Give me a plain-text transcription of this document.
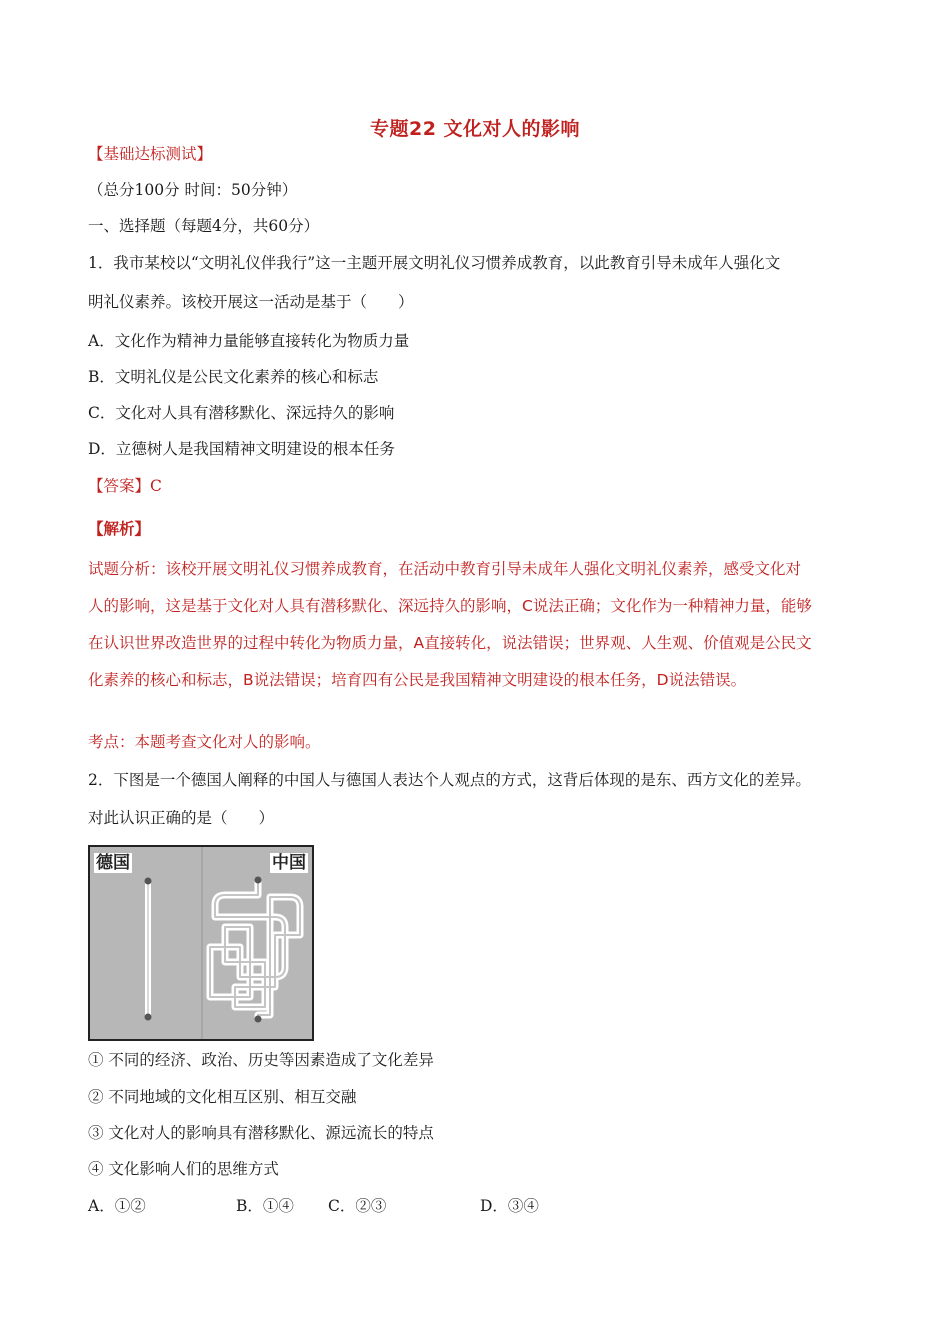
专题22 文化对人的影响
【基础达标测试】
（总分100分 时间：50分钟）
一、选择题（每题4分，共60分）
1．我市某校以“文明礼仪伴我行”这一主题开展文明礼仪习惯养成教育，以此教育引导未成年人强化文
明礼仪素养。该校开展这一活动是基于（　　）
A．文化作为精神力量能够直接转化为物质力量
B．文明礼仪是公民文化素养的核心和标志
C．文化对人具有潜移默化、深远持久的影响
D．立德树人是我国精神文明建设的根本任务
【答案】C
【解析】
试题分析：该校开展文明礼仪习惯养成教育，在活动中教育引导未成年人强化文明礼仪素养，感受文化对
人的影响，这是基于文化对人具有潜移默化、深远持久的影响，C说法正确；文化作为一种精神力量，能够
在认识世界改造世界的过程中转化为物质力量，A直接转化，说法错误；世界观、人生观、价值观是公民文
化素养的核心和标志，B说法错误；培育四有公民是我国精神文明建设的根本任务，D说法错误。
考点：本题考查文化对人的影响。
2．下图是一个德国人阐释的中国人与德国人表达个人观点的方式，这背后体现的是东、西方文化的差异。
对此认识正确的是（　　）
德国	中国
① 不同的经济、政治、历史等因素造成了文化差异
② 不同地域的文化相互区别、相互交融
③ 文化对人的影响具有潜移默化、源远流长的特点
④ 文化影响人们的思维方式
A．①②	B．①④ C．②③	D．③④
